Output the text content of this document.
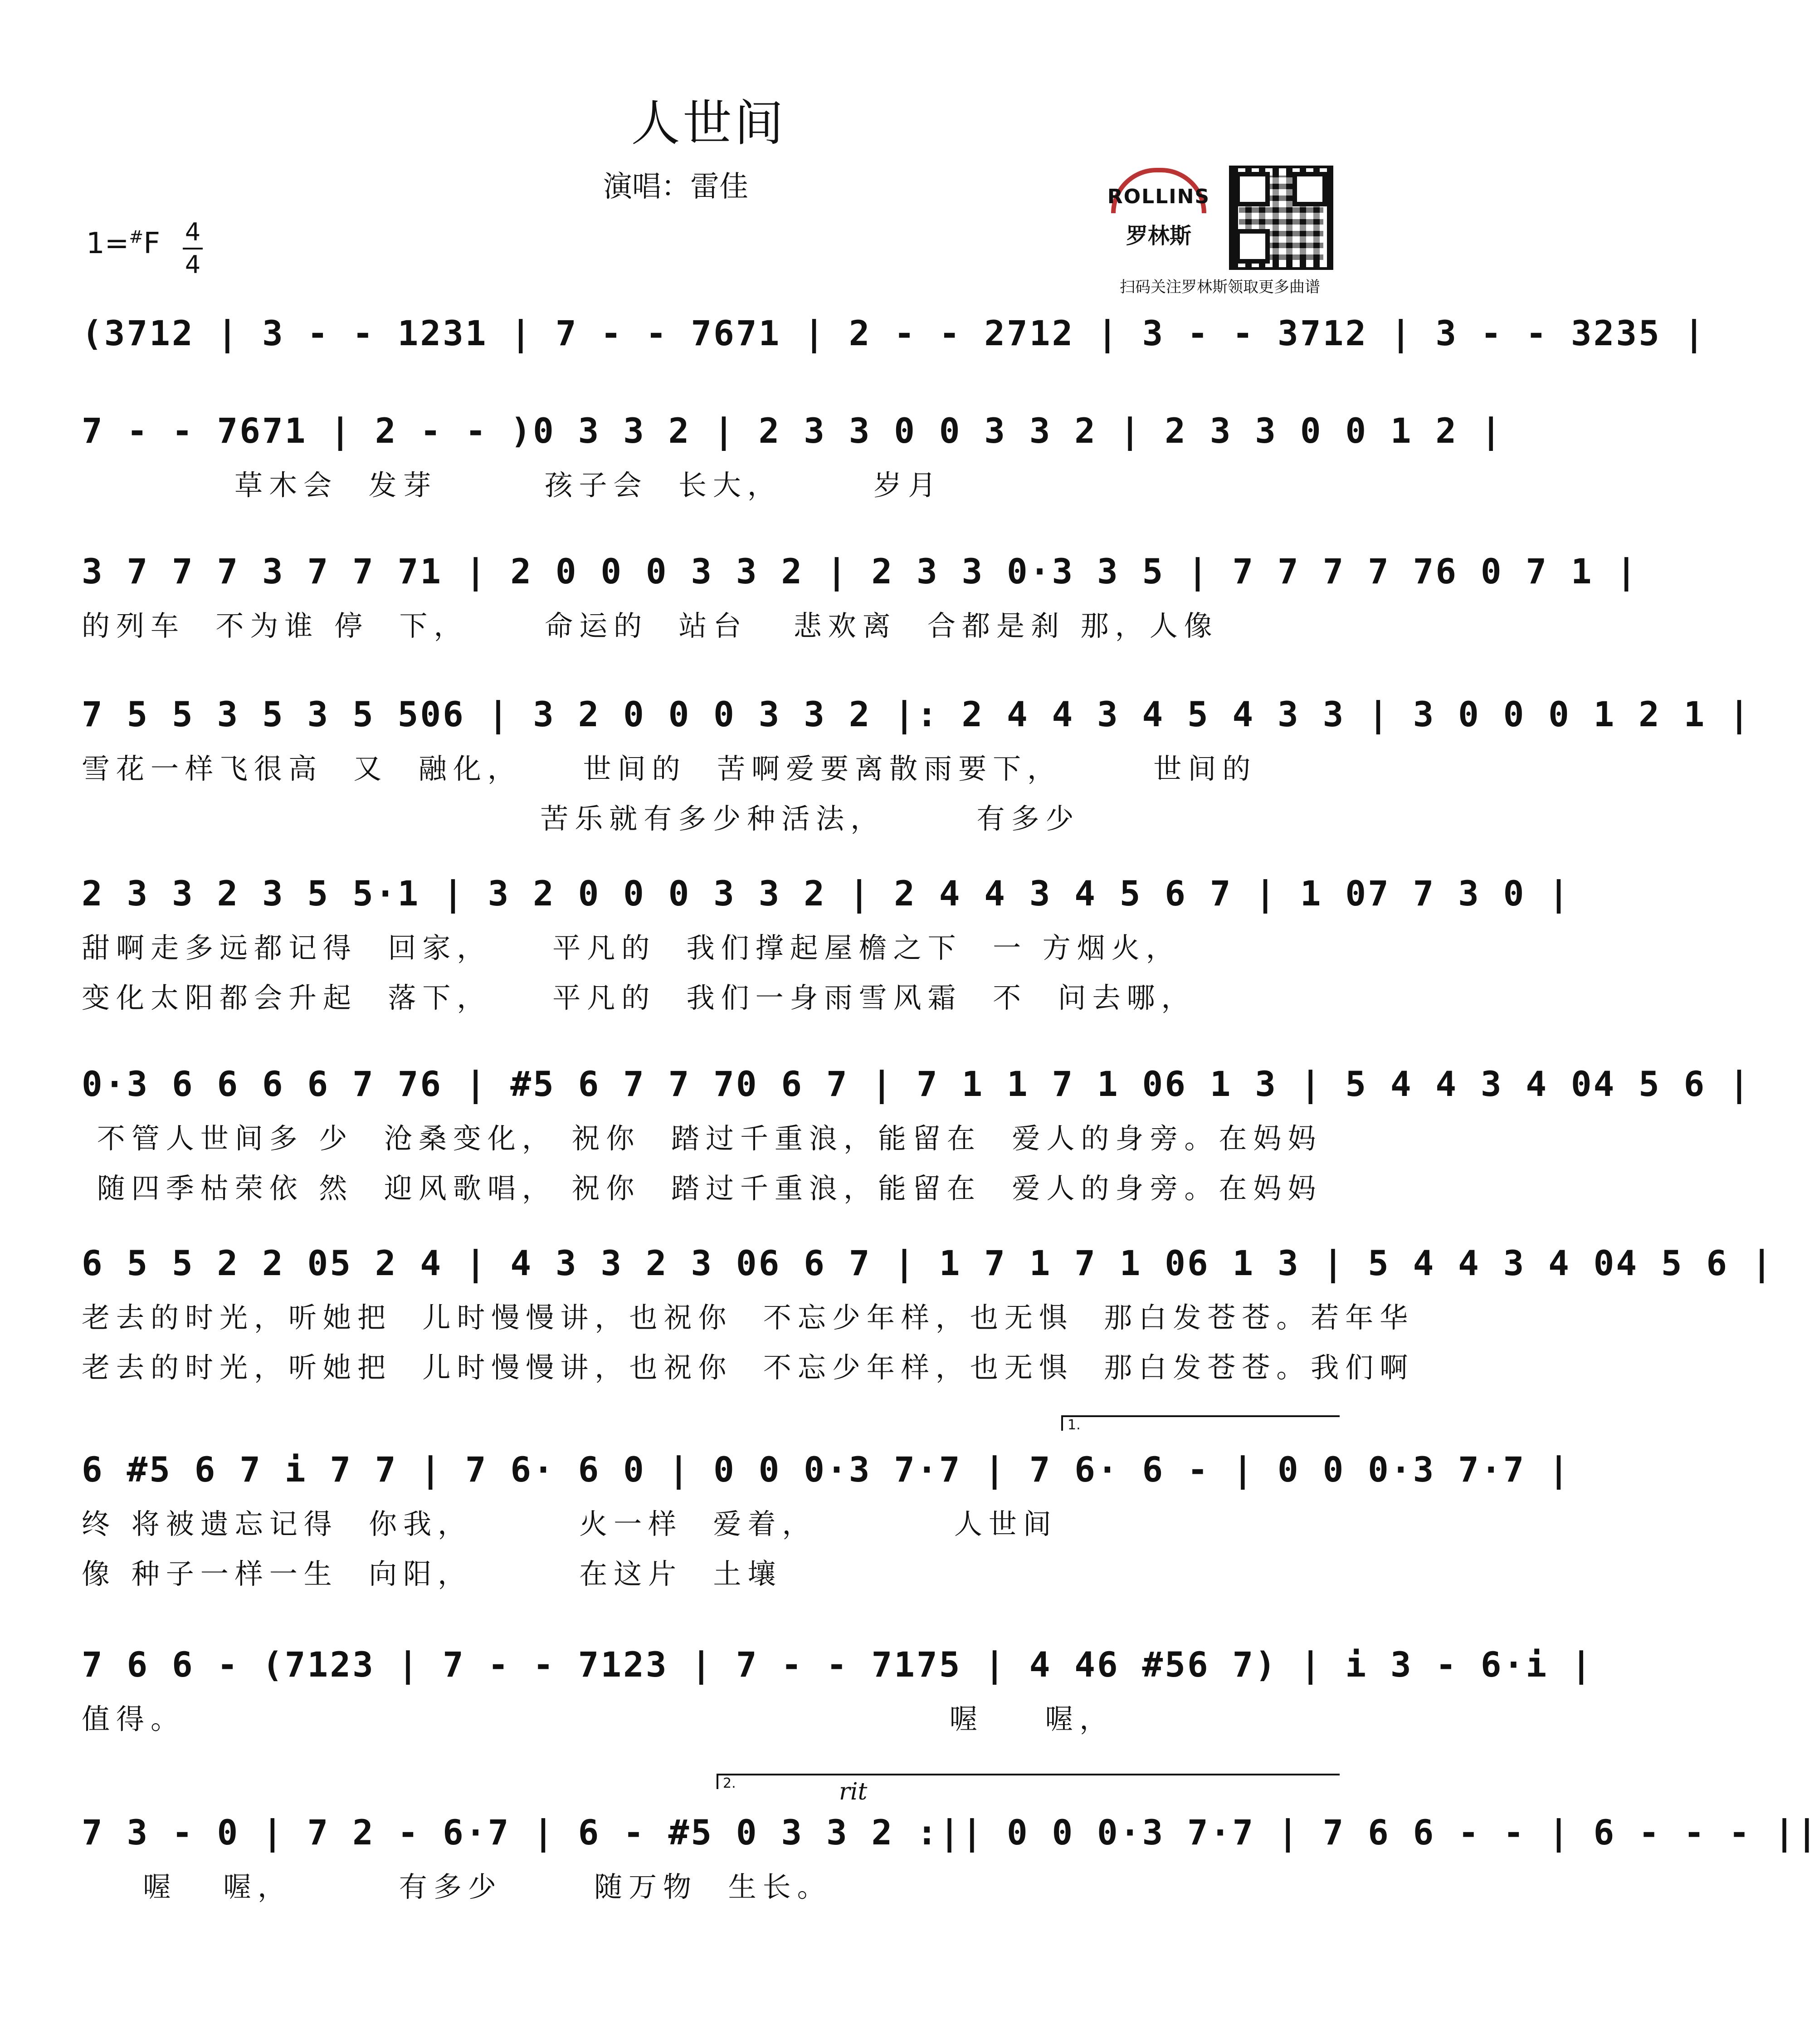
人世间
演唱：雷佳
1=#F 4
4
ROLLINS
罗林斯
扫码关注罗林斯领取更多曲谱
(3712 | 3 - - 1231 | 7 - - 7671 | 2 - - 2712 | 3 - - 3712 | 3 - - 3235 |
7 - - 7671 | 2 - - )0 3 3 2 | 2 3 3 0 0 3 3 2 | 2 3 3 0 0 1 2 |
草木会  发芽       孩子会  长大，      岁月
3 7 7 7 3 7 7 71 | 2 0 0 0 3 3 2 | 2 3 3 0·3 3 5 | 7 7 7 7 76 0 7 1 |
的列车  不为谁 停  下，     命运的  站台   悲欢离  合都是刹 那，人像
7 5 5 3 5 3 5 506 | 3 2 0 0 0 3 3 2 |: 2 4 4 3 4 5 4 3 3 | 3 0 0 0 1 2 1 |
雪花一样飞很高  又  融化，    世间的  苦啊爱要离散雨要下，      世间的
苦乐就有多少种活法，      有多少
2 3 3 2 3 5 5·1 | 3 2 0 0 0 3 3 2 | 2 4 4 3 4 5 6 7 | 1 07 7 3 0 |
甜啊走多远都记得  回家，    平凡的  我们撑起屋檐之下  一 方烟火，
变化太阳都会升起  落下，    平凡的  我们一身雨雪风霜  不  问去哪，
0·3 6 6 6 6 7 76 | #5 6 7 7 70 6 7 | 7 1 1 7 1 06 1 3 | 5 4 4 3 4 04 5 6 |
不管人世间多 少  沧桑变化， 祝你  踏过千重浪，能留在  爱人的身旁。在妈妈
随四季枯荣依 然  迎风歌唱， 祝你  踏过千重浪，能留在  爱人的身旁。在妈妈
6 5 5 2 2 05 2 4 | 4 3 3 2 3 06 6 7 | 1 7 1 7 1 06 1 3 | 5 4 4 3 4 04 5 6 |
老去的时光，听她把  儿时慢慢讲，也祝你  不忘少年样，也无惧  那白发苍苍。若年华
老去的时光，听她把  儿时慢慢讲，也祝你  不忘少年样，也无惧  那白发苍苍。我们啊
1.
6 #5 6 7 i 7 7 | 7 6· 6 0 | 0 0 0·3 7·7 | 7 6· 6 - | 0 0 0·3 7·7 |
终 将被遗忘记得  你我，       火一样  爱着，         人世间
像 种子一样一生  向阳，       在这片  土壤
7 6 6 - (7123 | 7 - - 7123 | 7 - - 7175 | 4 46 #56 7) | i 3 - 6·i |
值得。                                                  喔    喔，
2.	rit
7 3 - 0 | 7 2 - 6·7 | 6 - #5 0 3 3 2 :|| 0 0 0·3 7·7 | 7 6 6 - - | 6 - - - ||
喔   喔，       有多少      随万物  生长。
